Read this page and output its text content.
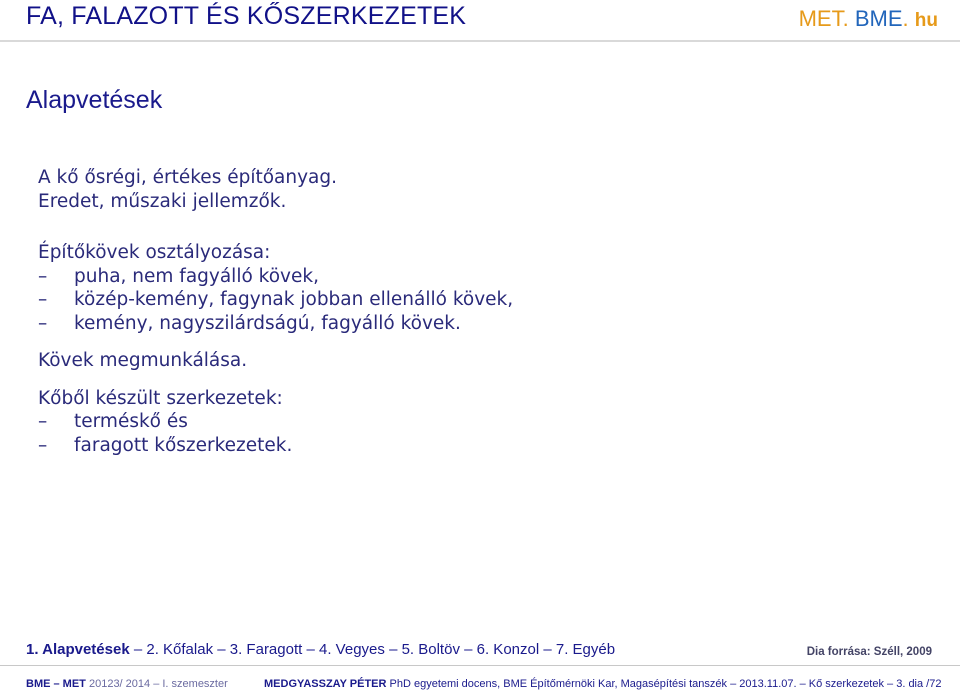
FA, FALAZOTT ÉS KŐSZERKEZETEK	MET. BME. hu
Alapvetések
A kő ősrégi, értékes építőanyag.
Eredet, műszaki jellemzők.
Építőkövek osztályozása:
–puha, nem fagyálló kövek,
–közép-kemény, fagynak jobban ellenálló kövek,
–kemény, nagyszilárdságú, fagyálló kövek.
Kövek megmunkálása.
Kőből készült szerkezetek:
–terméskő és
–faragott kőszerkezetek.
1. Alapvetések – 2. Kőfalak – 3. Faragott – 4. Vegyes – 5. Boltöv – 6. Konzol – 7. Egyéb	Dia forrása: Széll, 2009
BME – MET 20123/ 2014 – I. szemeszter	MEDGYASSZAY PÉTER PhD egyetemi docens, BME Építőmérnöki Kar, Magasépítési tanszék – 2013.11.07. – Kő szerkezetek – 3. dia /72
